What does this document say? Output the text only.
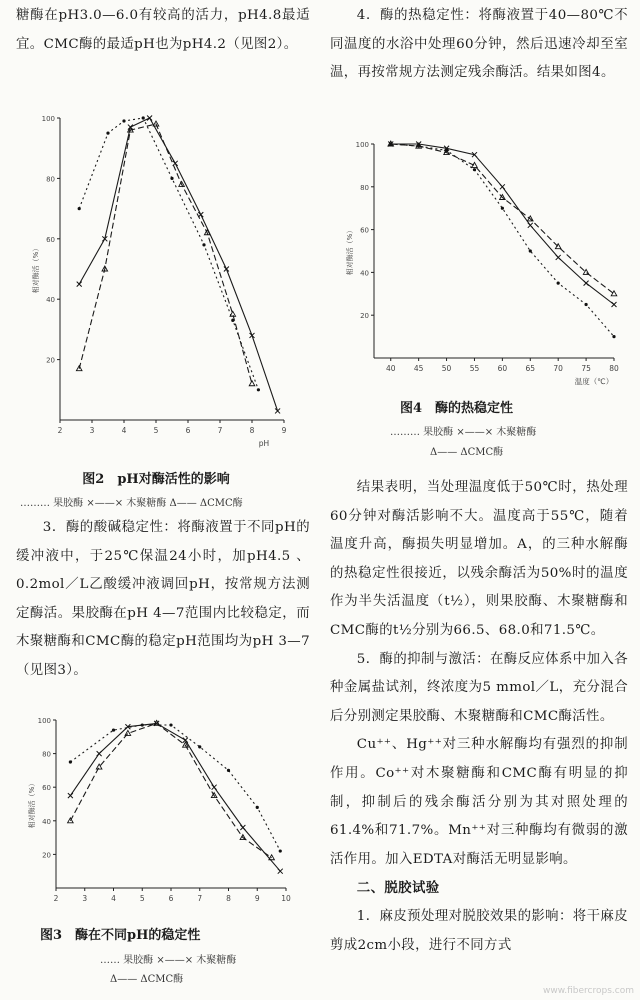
糖酶在pH3.0—6.0有较高的活力，pH4.8最适宜。CMC酶的最适pH也为pH4.2（见图2）。

100
80
60
40
20
2	3	4	5	6	7	8	9
相对酶活（%）
pH
图2　pH对酶活性的影响
……… 果胶酶 ×——× 木聚糖酶 Δ—— ΔCMC酶

3．酶的酸碱稳定性：将酶液置于不同pH的缓冲液中，于25℃保温24小时，加pH4.5 、0.2mol／L乙酸缓冲液调回pH，按常规方法测定酶活。果胶酶在pH 4—7范围内比较稳定，而木聚糖酶和CMC酶的稳定pH范围均为pH 3—7（见图3）。

100
80
60
40
20
2	3	4	5	6	7	8	9	10
相对酶活（%）
图3　酶在不同pH的稳定性
…… 果胶酶 ×——× 木聚糖酶
Δ—— ΔCMC酶

4．酶的热稳定性：将酶液置于40—80℃不同温度的水浴中处理60分钟，然后迅速冷却至室温，再按常规方法测定残余酶活。结果如图4。

100
80
60
40
20
40 45 50 55 60 65 70 75 80
相对酶活（%）
温度（℃）
图4　酶的热稳定性
……… 果胶酶 ×——× 木聚糖酶
Δ—— ΔCMC酶

结果表明，当处理温度低于50℃时，热处理60分钟对酶活影响不大。温度高于55℃，随着温度升高，酶损失明显增加。A，的三种水解酶的热稳定性很接近，以残余酶活为50%时的温度作为半失活温度（t½），则果胶酶、木聚糖酶和CMC酶的t½分别为66.5、68.0和71.5℃。

5．酶的抑制与激活：在酶反应体系中加入各种金属盐试剂，终浓度为5 mmol／L，充分混合后分别测定果胶酶、木聚糖酶和CMC酶活性。

Cu⁺⁺、Hg⁺⁺对三种水解酶均有强烈的抑制作用。Co⁺⁺对木聚糖酶和CMC酶有明显的抑制，抑制后的残余酶活分别为其对照处理的61.4%和71.7%。Mn⁺⁺对三种酶均有微弱的激活作用。加入EDTA对酶活无明显影响。

二、脱胶试验

1．麻皮预处理对脱胶效果的影响：将干麻皮剪成2cm小段，进行不同方式

www.fibercrops.com
